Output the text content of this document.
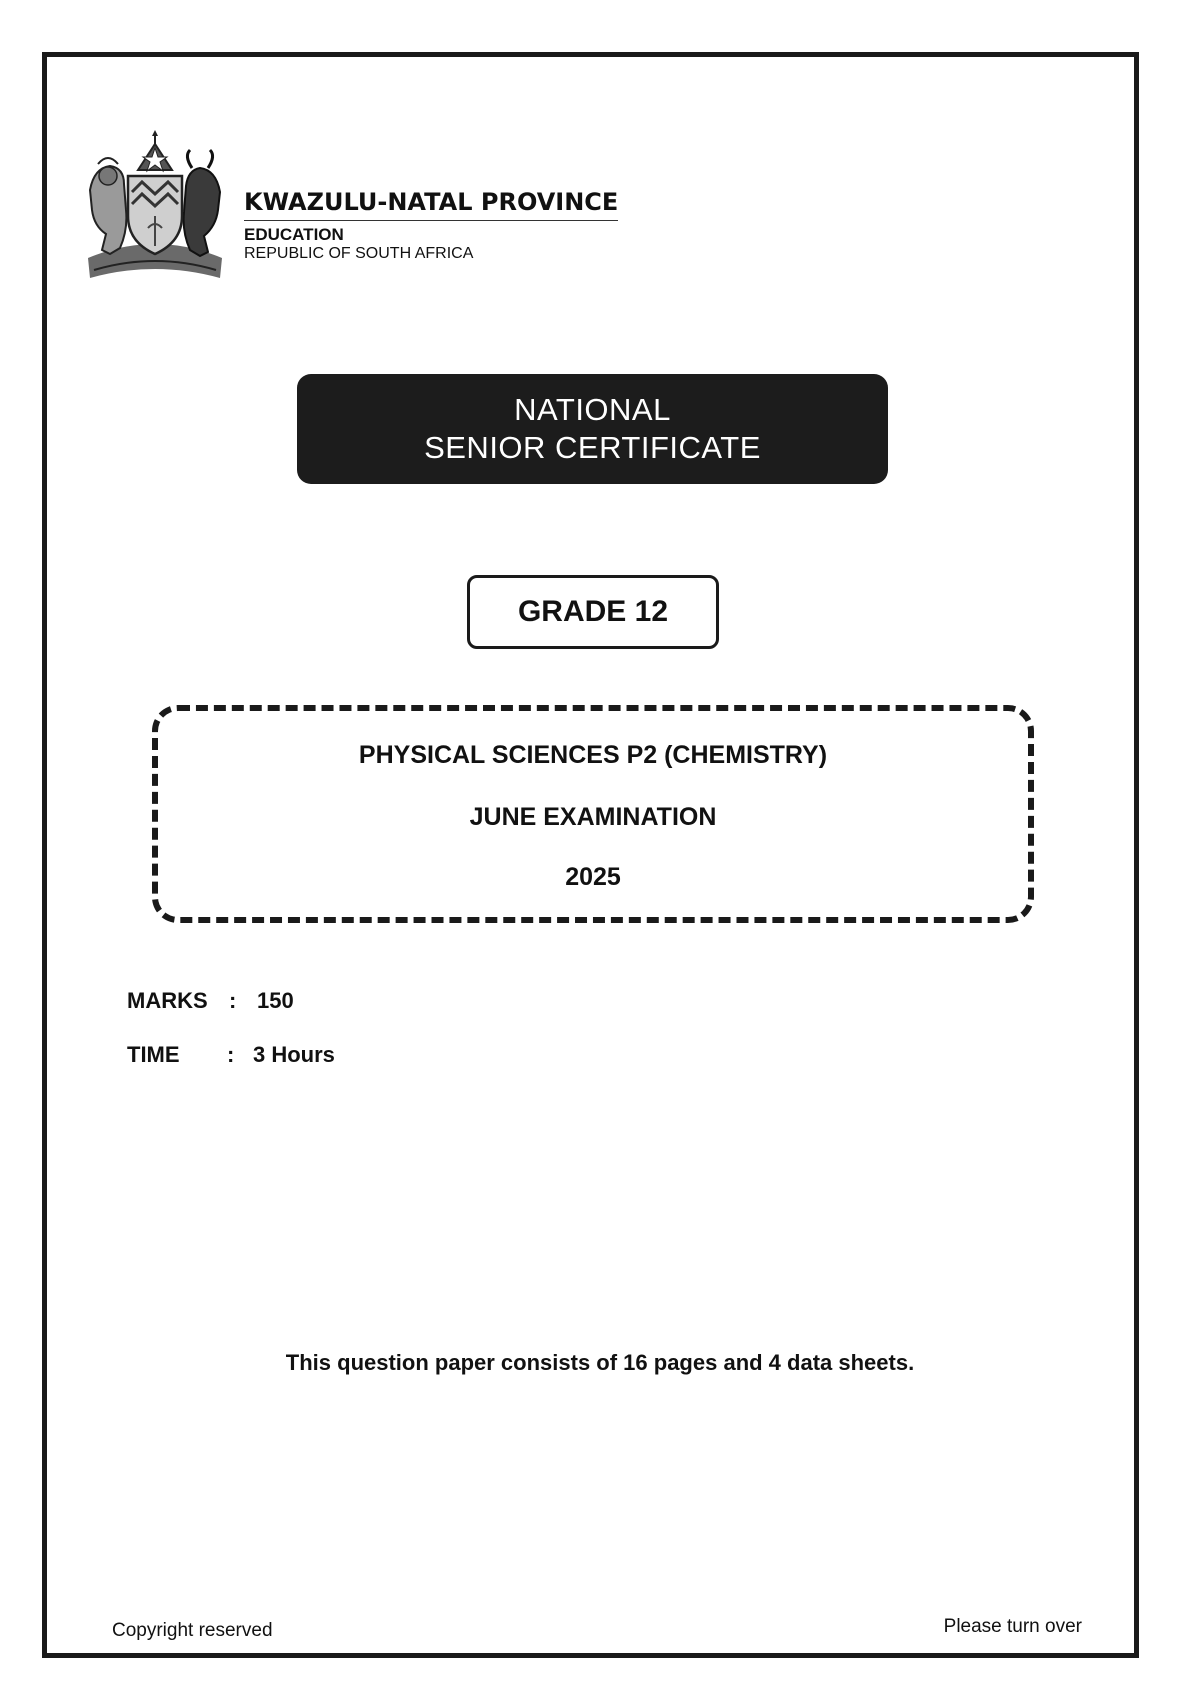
KWAZULU-NATAL PROVINCE
EDUCATION
REPUBLIC OF SOUTH AFRICA
NATIONAL
SENIOR CERTIFICATE
GRADE 12
PHYSICAL SCIENCES P2 (CHEMISTRY)
JUNE EXAMINATION
2025
MARKS : 150
TIME : 3 Hours
This question paper consists of 16 pages and 4 data sheets.
Copyright reserved	Please turn over
